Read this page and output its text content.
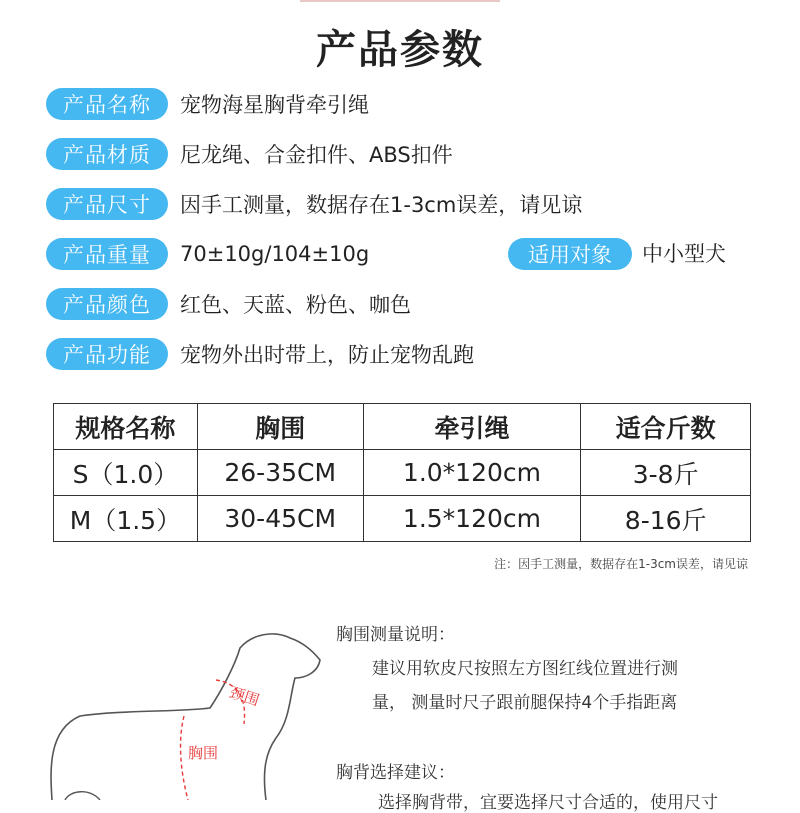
产品参数
产品名称	宠物海星胸背牵引绳
产品材质	尼龙绳、合金扣件、ABS扣件
产品尺寸	因手工测量，数据存在1-3cm误差，请见谅
产品重量	70±10g/104±10g	适用对象	中小型犬
产品颜色	红色、天蓝、粉色、咖色
产品功能	宠物外出时带上，防止宠物乱跑
规格名称	胸围	牵引绳	适合斤数
S（1.0）	26-35CM	1.0*120cm	3-8斤
M（1.5）	30-45CM	1.5*120cm	8-16斤
注：因手工测量，数据存在1-3cm误差，请见谅
颈围
胸围
胸围测量说明：
建议用软皮尺按照左方图红线位置进行测
量， 测量时尺子跟前腿保持4个手指距离
胸背选择建议：
选择胸背带，宜要选择尺寸合适的，使用尺寸
